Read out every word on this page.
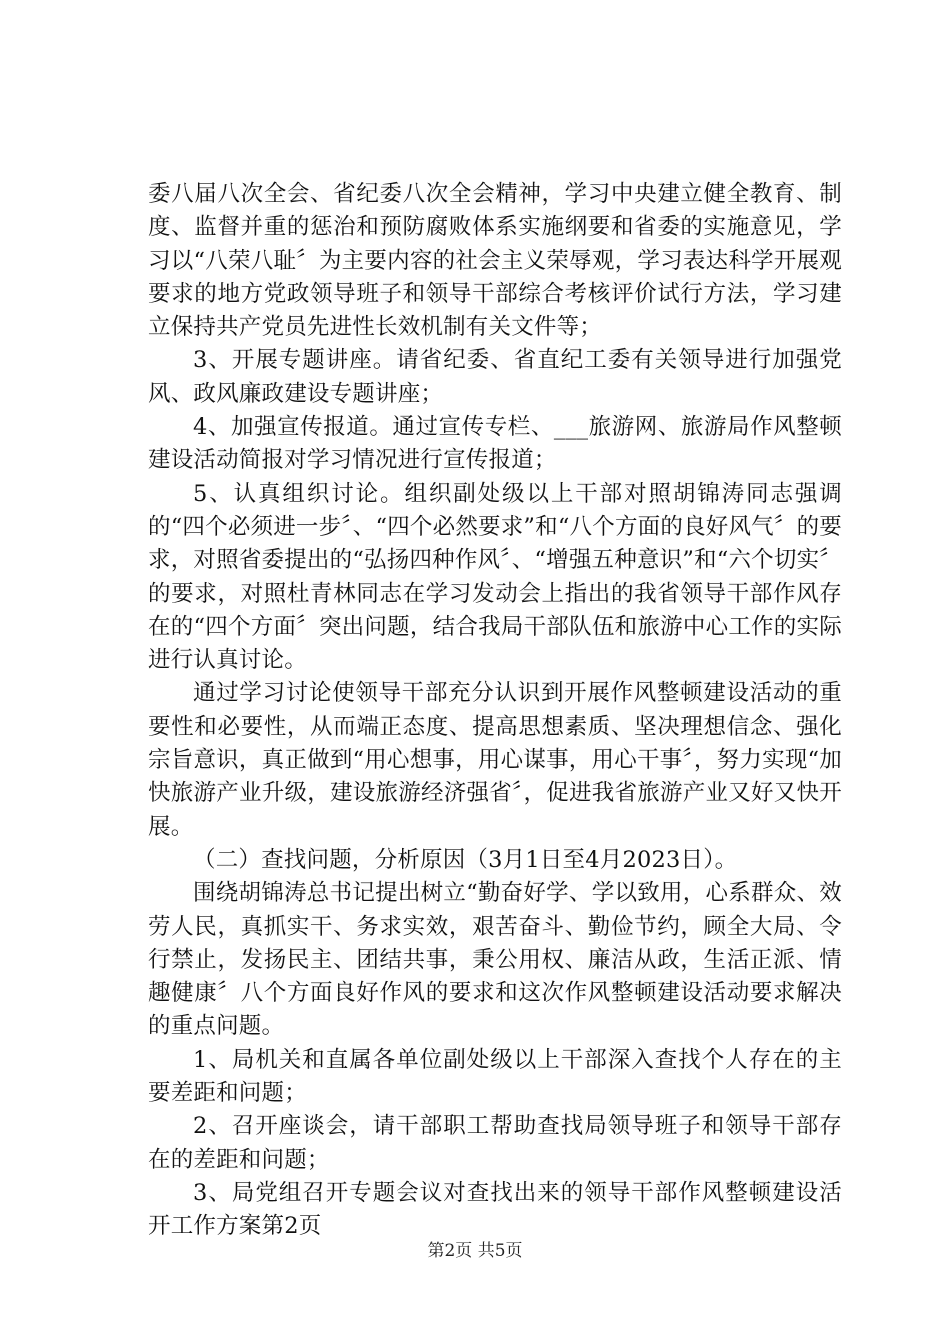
委八届八次全会、省纪委八次全会精神，学习中央建立健全教育、制度、监督并重的惩治和预防腐败体系实施纲要和省委的实施意见，学习以“八荣八耻〞为主要内容的社会主义荣辱观，学习表达科学开展观要求的地方党政领导班子和领导干部综合考核评价试行方法，学习建立保持共产党员先进性长效机制有关文件等；

3、开展专题讲座。请省纪委、省直纪工委有关领导进行加强党风、政风廉政建设专题讲座；

4、加强宣传报道。通过宣传专栏、___旅游网、旅游局作风整顿建设活动简报对学习情况进行宣传报道；

5、认真组织讨论。组织副处级以上干部对照胡锦涛同志强调的“四个必须进一步〞、“四个必然要求”和“八个方面的良好风气〞的要求，对照省委提出的“弘扬四种作风〞、“增强五种意识”和“六个切实〞的要求，对照杜青林同志在学习发动会上指出的我省领导干部作风存在的“四个方面〞突出问题，结合我局干部队伍和旅游中心工作的实际进行认真讨论。

通过学习讨论使领导干部充分认识到开展作风整顿建设活动的重要性和必要性，从而端正态度、提高思想素质、坚决理想信念、强化宗旨意识，真正做到“用心想事，用心谋事，用心干事〞，努力实现“加快旅游产业升级，建设旅游经济强省〞，促进我省旅游产业又好又快开展。

（二）查找问题，分析原因（3月1日至4月2023日）。

围绕胡锦涛总书记提出树立“勤奋好学、学以致用，心系群众、效劳人民，真抓实干、务求实效，艰苦奋斗、勤俭节约，顾全大局、令行禁止，发扬民主、团结共事，秉公用权、廉洁从政，生活正派、情趣健康〞八个方面良好作风的要求和这次作风整顿建设活动要求解决的重点问题。

1、局机关和直属各单位副处级以上干部深入查找个人存在的主要差距和问题；

2、召开座谈会，请干部职工帮助查找局领导班子和领导干部存在的差距和问题；

3、局党组召开专题会议对查找出来的领导干部作风整顿建设活开工作方案第2页

第2页 共5页
